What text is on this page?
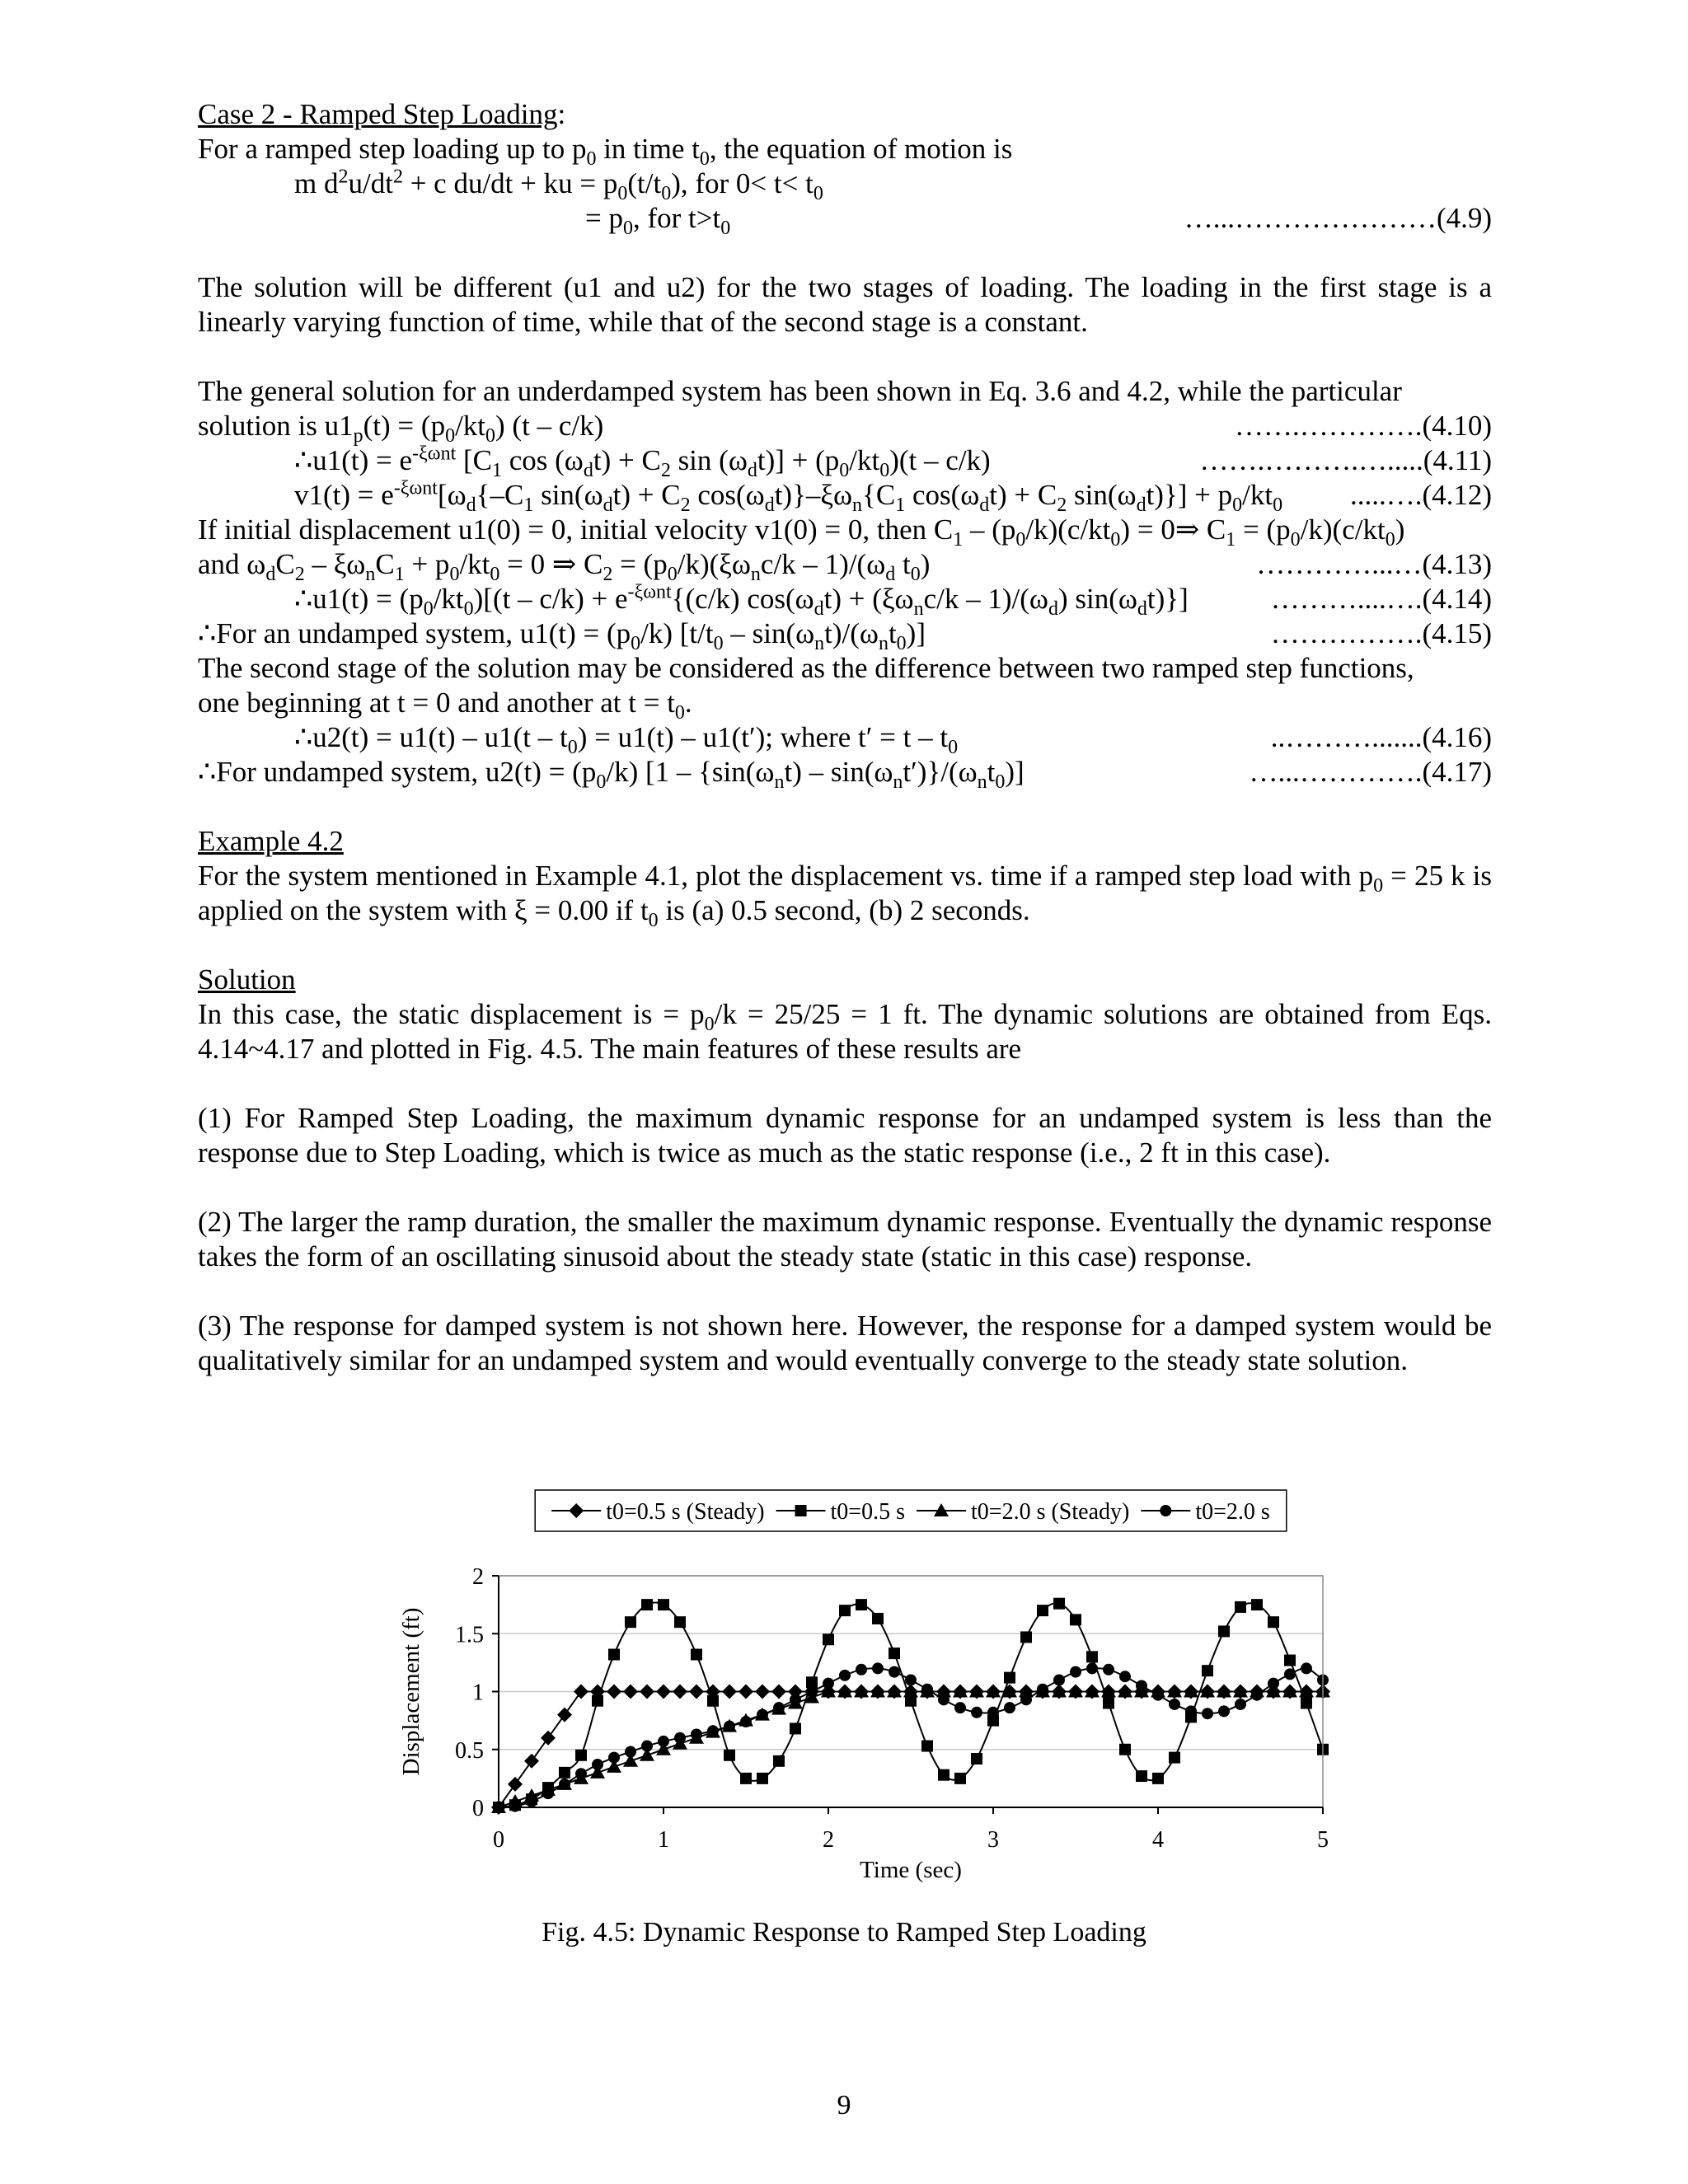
Case 2 - Ramped Step Loading:
For a ramped step loading up to $p_0$ in time $t_0$, the equation of motion is
m $d^2u/dt^2 + c$ du/dt + ku = $p_0(t/t_0)$, for $0< t< t_0$
= $p_0$, for $t>t_0$	…...…………………(4.9)

The solution will be different (u1 and u2) for the two stages of loading. The loading in the first stage is a linearly varying function of time, while that of the second stage is a constant.

The general solution for an underdamped system has been shown in Eq. 3.6 and 4.2, while the particular
solution is $u1_p(t) = (p_0/kt_0)$ (t – c/k)	…….………….(4.10)
∴u1(t) = $e^{-\xi\omega nt}$ [$C_1$ $\cos (\omega_dt) + C_2$ $\sin (\omega_dt)] + (p_0/kt_0)(t - c/k)$	…….……….….....(4.11)
$v1(t) = e^{-\xi\omega nt}[\omega_d\{-C_1$ $\sin(\omega_dt) + C_2$ $\cos(\omega_dt)\}-\xi\omega_n\{C_1$ $\cos(\omega_dt) + C_2$ $\sin(\omega_dt)\}] + p_0/kt_0$ .....….(4.12)
If initial displacement u1(0) = 0, initial velocity v1(0) = 0, then $C_1 - (p_0/k)(c/kt_0)$ = 0⇒ $C_1 = (p_0/k)(c/kt_0)$
and $\omega_dC_2 - \xi\omega_nC_1 + p_0/kt_0 = 0$ ⇒ $C_2 = (p_0/k)(\xi\omega_nc/k - 1)/(\omega_d$ $t_0$)	…………...…(4.13)
∴u1(t) = $(p_0/kt_0)[(t - c/k) + e^{-\xi\omega nt}\{(c/k) \cos(\omega_dt) + (\xi\omega_nc/k - 1)/(\omega_d)$ $\sin(\omega_dt)$}]	………....….(4.14)
∴For an undamped system, $u1(t) = (p_0/k)$ $[t/t_0 - \sin(\omega_nt)/(\omega_nt_0)]$	…………….(4.15)
The second stage of the solution may be considered as the difference between two ramped step functions,
one beginning at t = 0 and another at $t = t_0$.
∴u2(t) = $u1(t) - u1(t - t_0) = u1(t) - u1(t')$; where $t' = t - t_0$	..……….......(4.16)
∴For undamped system, $u2(t) = (p_0/k)$ $[1 - \{\sin(\omega_nt) - \sin(\omega_nt')\}/(\omega_nt_0)]$	…...………….(4.17)
Example 4.2

For the system mentioned in Example 4.1, plot the displacement vs. time if a ramped step load with $p_0 = 25$ k is applied on the system with ξ = 0.00 if $t_0$ is (a) 0.5 second, (b) 2 seconds.

Solution

In this case, the static displacement is = $p_0/k = 25/25 = 1$ ft. The dynamic solutions are obtained from Eqs. 4.14~4.17 and plotted in Fig. 4.5. The main features of these results are

(1) For Ramped Step Loading, the maximum dynamic response for an undamped system is less than the response due to Step Loading, which is twice as much as the static response (i.e., 2 ft in this case).

(2) The larger the ramp duration, the smaller the maximum dynamic response. Eventually the dynamic response takes the form of an oscillating sinusoid about the steady state (static in this case) response.

(3) The response for damped system is not shown here. However, the response for a damped system would be qualitatively similar for an undamped system and would eventually converge to the steady state solution.

t0=0.5 s (Steady)	t0=0.5 s	t0=2.0 s (Steady)	t0=2.0 s
0
0.5
1
1.5
2
0	1	2	3	4	5
Time (sec)
Displacement (ft)
Fig. 4.5: Dynamic Response to Ramped Step Loading
9
